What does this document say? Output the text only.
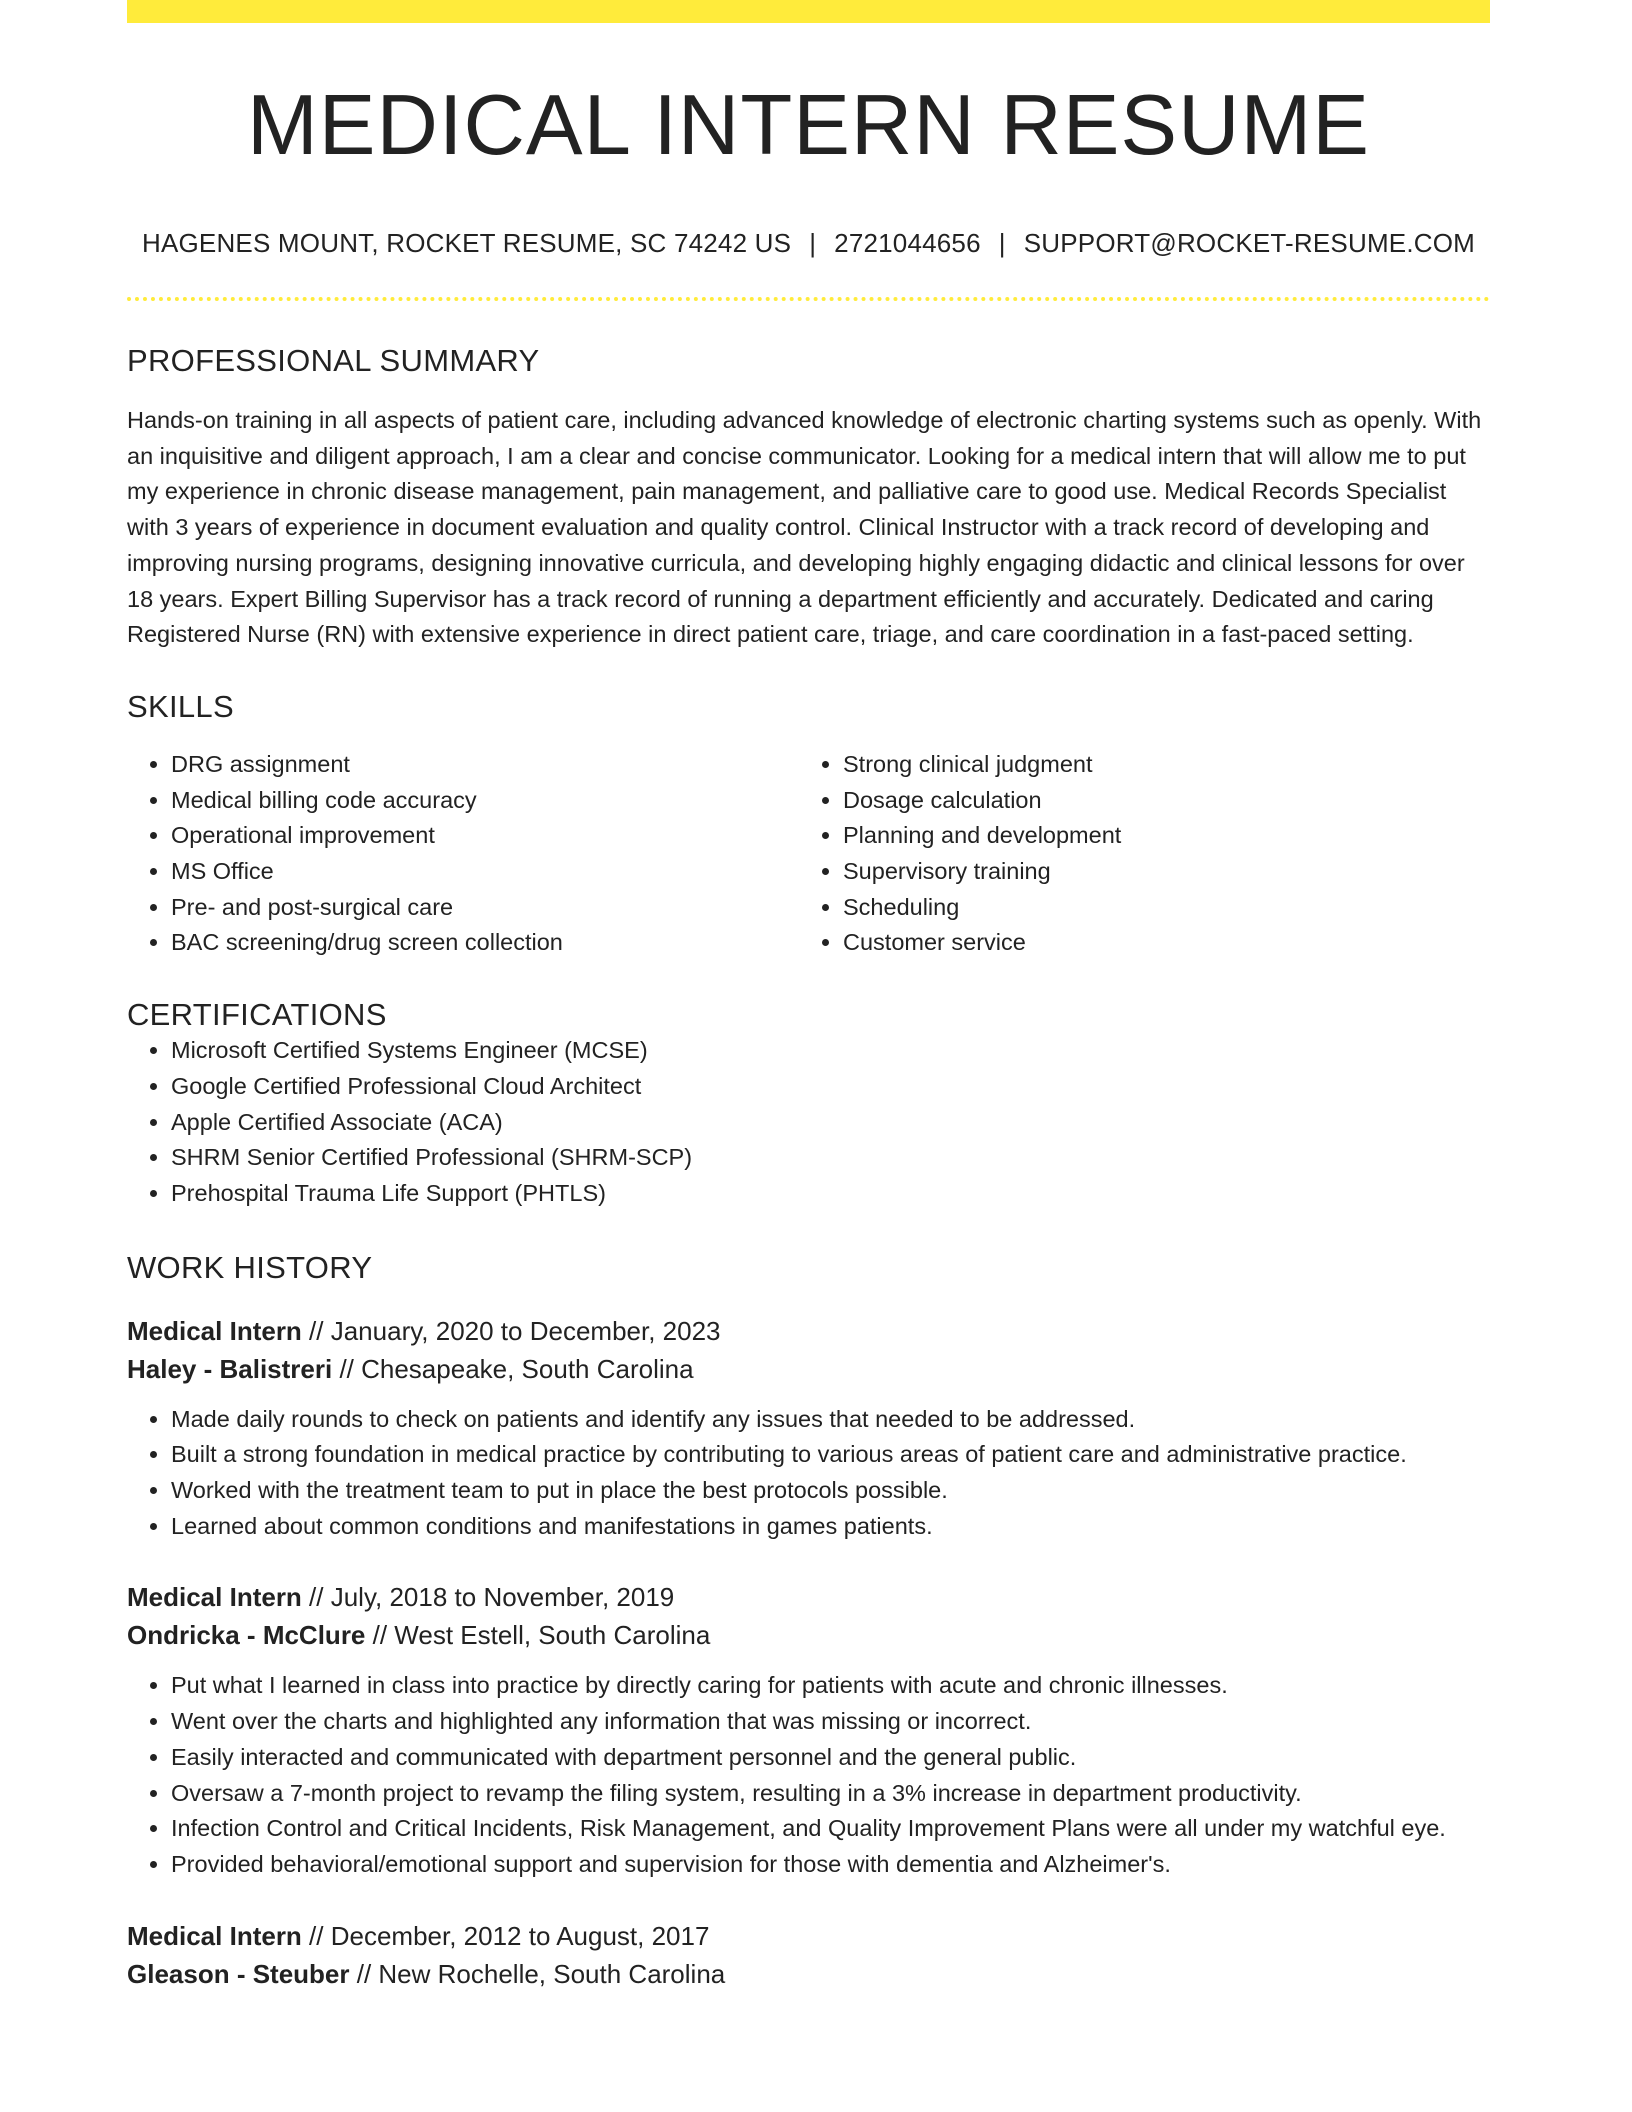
MEDICAL INTERN RESUME
HAGENES MOUNT, ROCKET RESUME, SC 74242 US | 2721044656 | SUPPORT@ROCKET-RESUME.COM
PROFESSIONAL SUMMARY

Hands-on training in all aspects of patient care, including advanced knowledge of electronic charting systems such as openly. With an inquisitive and diligent approach, I am a clear and concise communicator. Looking for a medical intern that will allow me to put my experience in chronic disease management, pain management, and palliative care to good use. Medical Records Specialist with 3 years of experience in document evaluation and quality control. Clinical Instructor with a track record of developing and improving nursing programs, designing innovative curricula, and developing highly engaging didactic and clinical lessons for over 18 years. Expert Billing Supervisor has a track record of running a department efficiently and accurately. Dedicated and caring Registered Nurse (RN) with extensive experience in direct patient care, triage, and care coordination in a fast-paced setting.

SKILLS
• DRG assignment
• Medical billing code accuracy
• Operational improvement
• MS Office
• Pre- and post-surgical care
• BAC screening/drug screen collection
• Strong clinical judgment
• Dosage calculation
• Planning and development
• Supervisory training
• Scheduling
• Customer service
CERTIFICATIONS
• Microsoft Certified Systems Engineer (MCSE)
• Google Certified Professional Cloud Architect
• Apple Certified Associate (ACA)
• SHRM Senior Certified Professional (SHRM-SCP)
• Prehospital Trauma Life Support (PHTLS)
WORK HISTORY
Medical Intern // January, 2020 to December, 2023
Haley - Balistreri // Chesapeake, South Carolina
• Made daily rounds to check on patients and identify any issues that needed to be addressed.
• Built a strong foundation in medical practice by contributing to various areas of patient care and administrative practice.
• Worked with the treatment team to put in place the best protocols possible.
• Learned about common conditions and manifestations in games patients.
Medical Intern // July, 2018 to November, 2019
Ondricka - McClure // West Estell, South Carolina
• Put what I learned in class into practice by directly caring for patients with acute and chronic illnesses.
• Went over the charts and highlighted any information that was missing or incorrect.
• Easily interacted and communicated with department personnel and the general public.
• Oversaw a 7-month project to revamp the filing system, resulting in a 3% increase in department productivity.
• Infection Control and Critical Incidents, Risk Management, and Quality Improvement Plans were all under my watchful eye.
• Provided behavioral/emotional support and supervision for those with dementia and Alzheimer's.
Medical Intern // December, 2012 to August, 2017
Gleason - Steuber // New Rochelle, South Carolina
